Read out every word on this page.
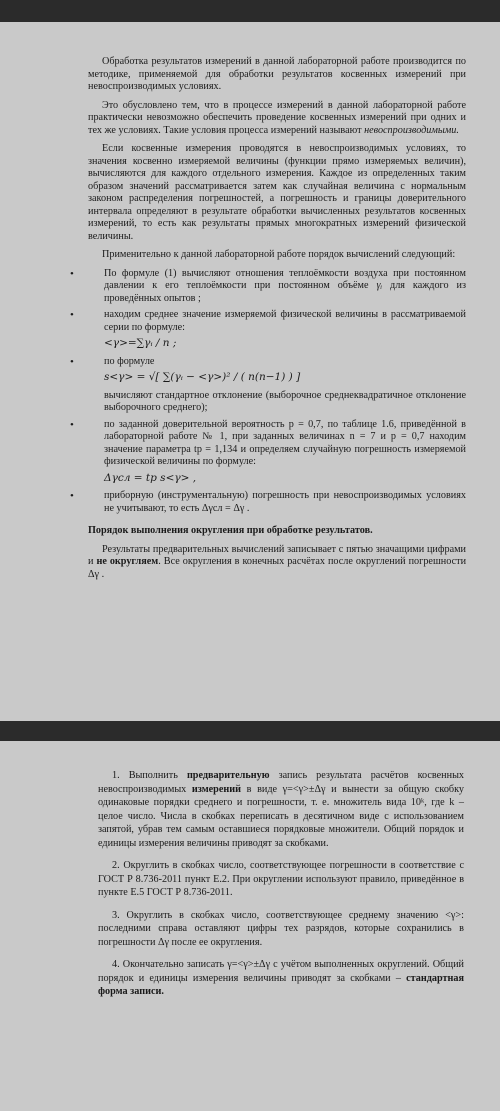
Обработка результатов измерений в данной лабораторной работе производится по методике, применяемой для обработки результатов косвенных измерений при невоспроизводимых условиях.

Это обусловлено тем, что в процессе измерений в данной лабораторной работе практически невозможно обеспечить проведение косвенных измерений при одних и тех же условиях. Такие условия процесса измерений называют невоспроизводимыми.

Если косвенные измерения проводятся в невоспроизводимых условиях, то значения косвенно измеряемой величины (функции прямо измеряемых величин), вычисляются для каждого отдельного измерения. Каждое из определенных таким образом значений рассматривается затем как случайная величина с нормальным законом распределения погрешностей, а погрешность и границы доверительного интервала определяют в результате обработки вычисленных результатов косвенных измерений, то есть как результаты прямых многократных измерений физической величины.

Применительно к данной лабораторной работе порядок вычислений следующий:

•	По формуле (1) вычисляют отношения теплоёмкости воздуха при постоянном давлении к его теплоёмкости при постоянном объёме γᵢ для каждого из проведённых опытов ;
•	находим среднее значение измеряемой физической величины в рассматриваемой серии по формуле:
<γ>=∑γᵢ / n ;
•	по формуле
s<γ> = √[ ∑(γᵢ − <γ>)² / ( n(n−1) ) ]
вычисляют стандартное отклонение (выборочное среднеквадратичное отклонение выборочного среднего);
•	по заданной доверительной вероятность p = 0,7, по таблице 1.6, приведённой в лабораторной работе № 1, при заданных величинах n = 7 и p = 0,7 находим значение параметра tp = 1,134 и определяем случайную погрешность измеряемой физической величины по формуле:
Δγсл = tp s<γ> ,
•	приборную (инструментальную) погрешность при невоспроизводимых условиях не учитывают, то есть Δγсл = Δγ .

Порядок выполнения округления при обработке результатов.

Результаты предварительных вычислений записывает с пятью значащими цифрами и не округляем. Все округления в конечных расчётах после округлений погрешности Δγ .

1. Выполнить предварительную запись результата расчётов косвенных невоспроизводимых измерений в виде γ=<γ>±Δγ и вынести за общую скобку одинаковые порядки среднего и погрешности, т. е. множитель вида 10ᵏ, где k – целое число. Числа в скобках переписать в десятичном виде с использованием запятой, убрав тем самым оставшиеся порядковые множители. Общий порядок и единицы измерения величины приводят за скобками.

2. Округлить в скобках число, соответствующее погрешности в соответствие с ГОСТ Р 8.736-2011 пункт Е.2. При округлении используют правило, приведённое в пункте Е.5 ГОСТ Р 8.736-2011.

3. Округлить в скобках число, соответствующее среднему значению <γ>: последними справа оставляют цифры тех разрядов, которые сохранились в погрешности Δγ после ее округления.

4. Окончательно записать γ=<γ>±Δγ с учётом выполненных округлений. Общий порядок и единицы измерения величины приводят за скобками – стандартная форма записи.
